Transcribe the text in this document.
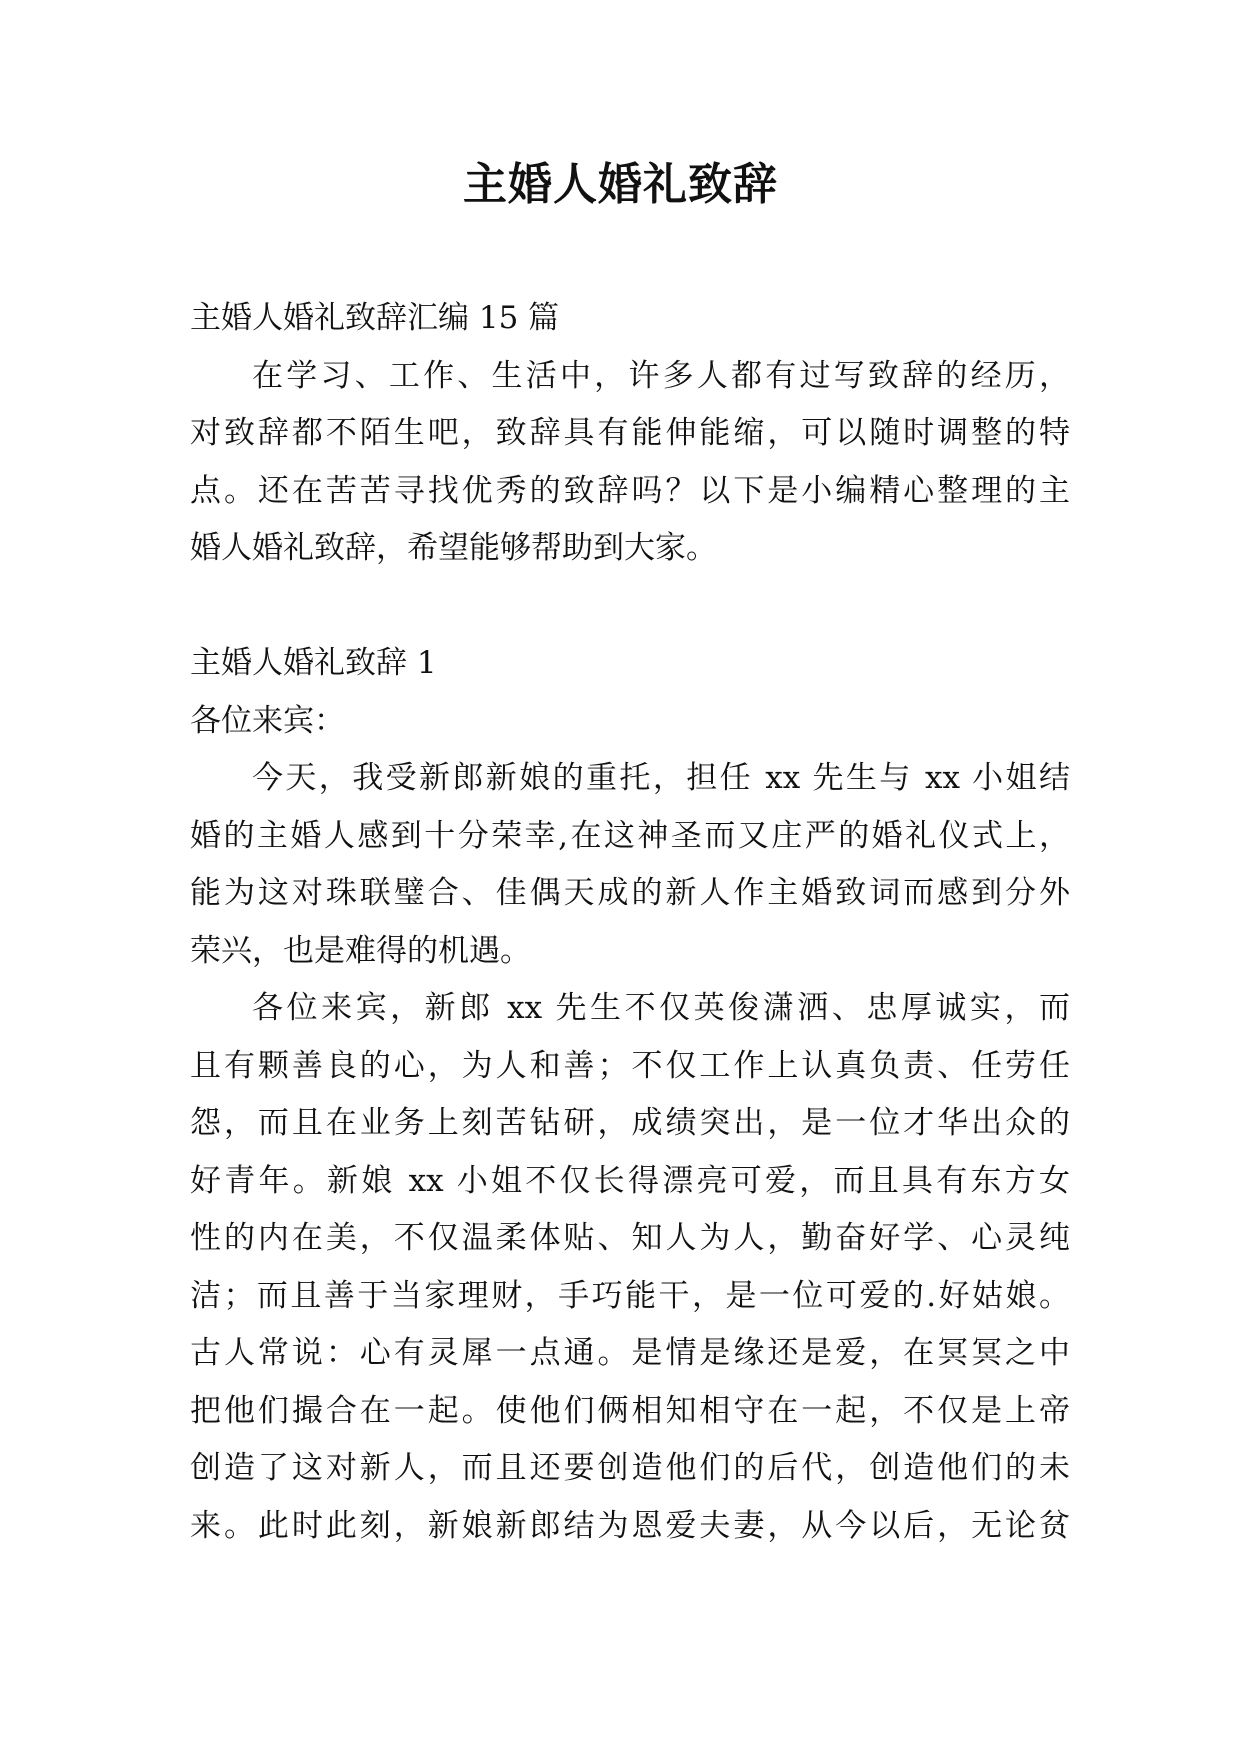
主婚人婚礼致辞
主婚人婚礼致辞汇编 15 篇
在学习、工作、生活中，许多人都有过写致辞的经历，
对致辞都不陌生吧，致辞具有能伸能缩，可以随时调整的特
点。还在苦苦寻找优秀的致辞吗？以下是小编精心整理的主
婚人婚礼致辞，希望能够帮助到大家。
主婚人婚礼致辞 1
各位来宾：
今天，我受新郎新娘的重托，担任 xx 先生与 xx 小姐结
婚的主婚人感到十分荣幸,在这神圣而又庄严的婚礼仪式上，
能为这对珠联璧合、佳偶天成的新人作主婚致词而感到分外
荣兴，也是难得的机遇。
各位来宾，新郎 xx 先生不仅英俊潇洒、忠厚诚实，而
且有颗善良的心，为人和善；不仅工作上认真负责、任劳任
怨，而且在业务上刻苦钻研，成绩突出，是一位才华出众的
好青年。新娘 xx 小姐不仅长得漂亮可爱，而且具有东方女
性的内在美，不仅温柔体贴、知人为人，勤奋好学、心灵纯
洁；而且善于当家理财，手巧能干，是一位可爱的.好姑娘。
古人常说：心有灵犀一点通。是情是缘还是爱，在冥冥之中
把他们撮合在一起。使他们俩相知相守在一起，不仅是上帝
创造了这对新人，而且还要创造他们的后代，创造他们的未
来。此时此刻，新娘新郎结为恩爱夫妻，从今以后，无论贫
